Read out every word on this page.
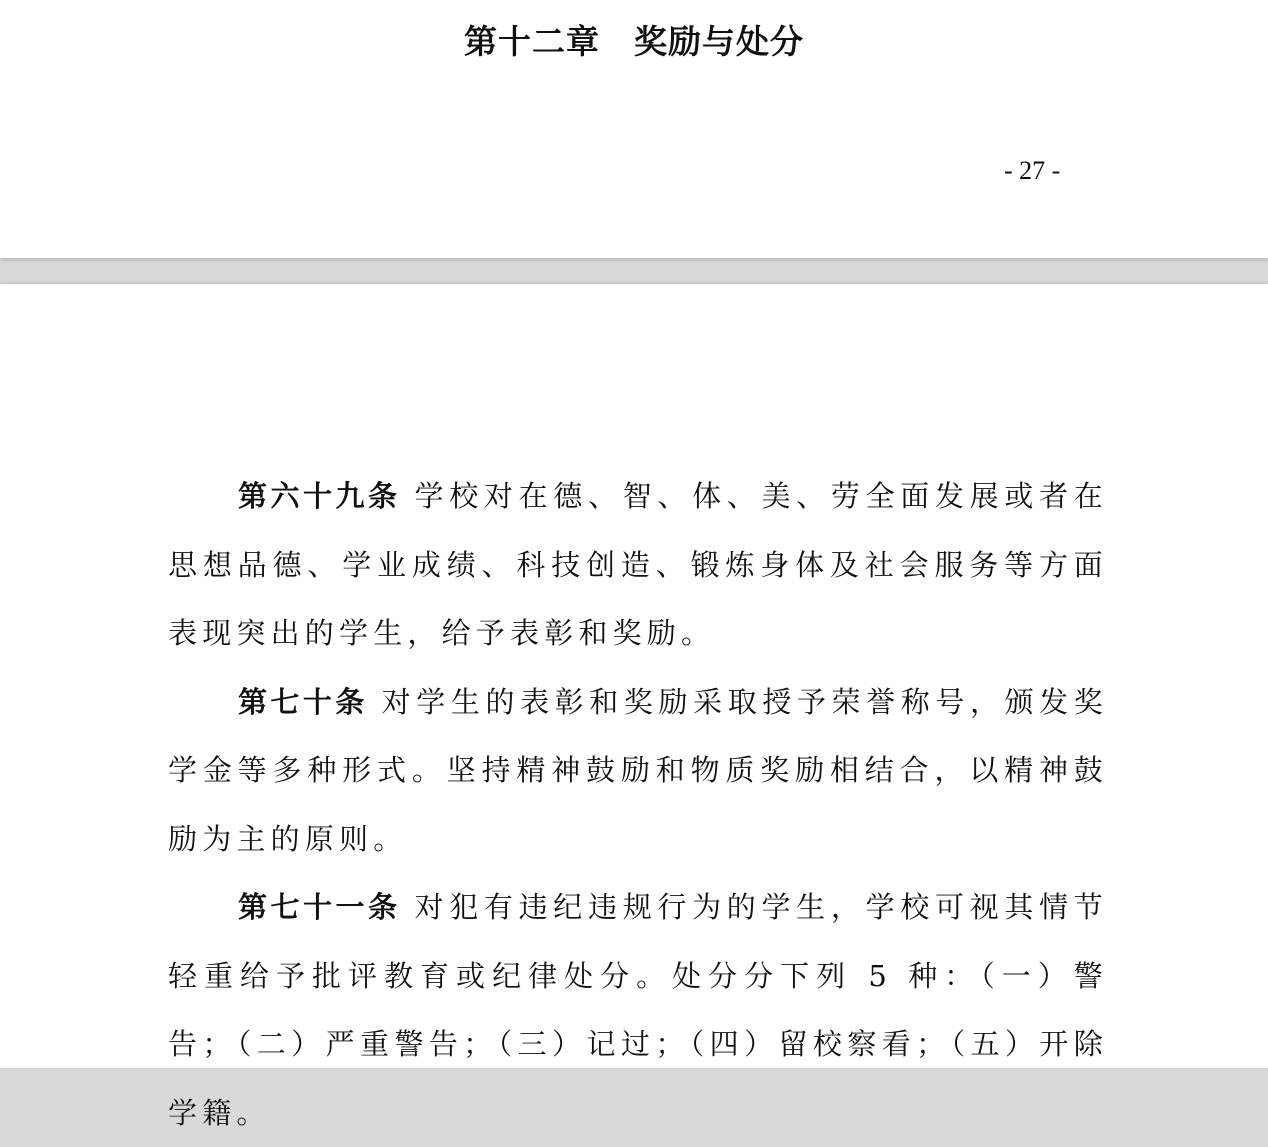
第十二章 奖励与处分
- 27 -

第六十九条 学校对在德、智、体、美、劳全面发展或者在思想品德、学业成绩、科技创造、锻炼身体及社会服务等方面表现突出的学生，给予表彰和奖励。

第七十条 对学生的表彰和奖励采取授予荣誉称号，颁发奖学金等多种形式。坚持精神鼓励和物质奖励相结合，以精神鼓励为主的原则。

第七十一条 对犯有违纪违规行为的学生，学校可视其情节轻重给予批评教育或纪律处分。处分分下列 5 种：（一）警告；（二）严重警告；（三）记过；（四）留校察看；（五）开除学籍。
